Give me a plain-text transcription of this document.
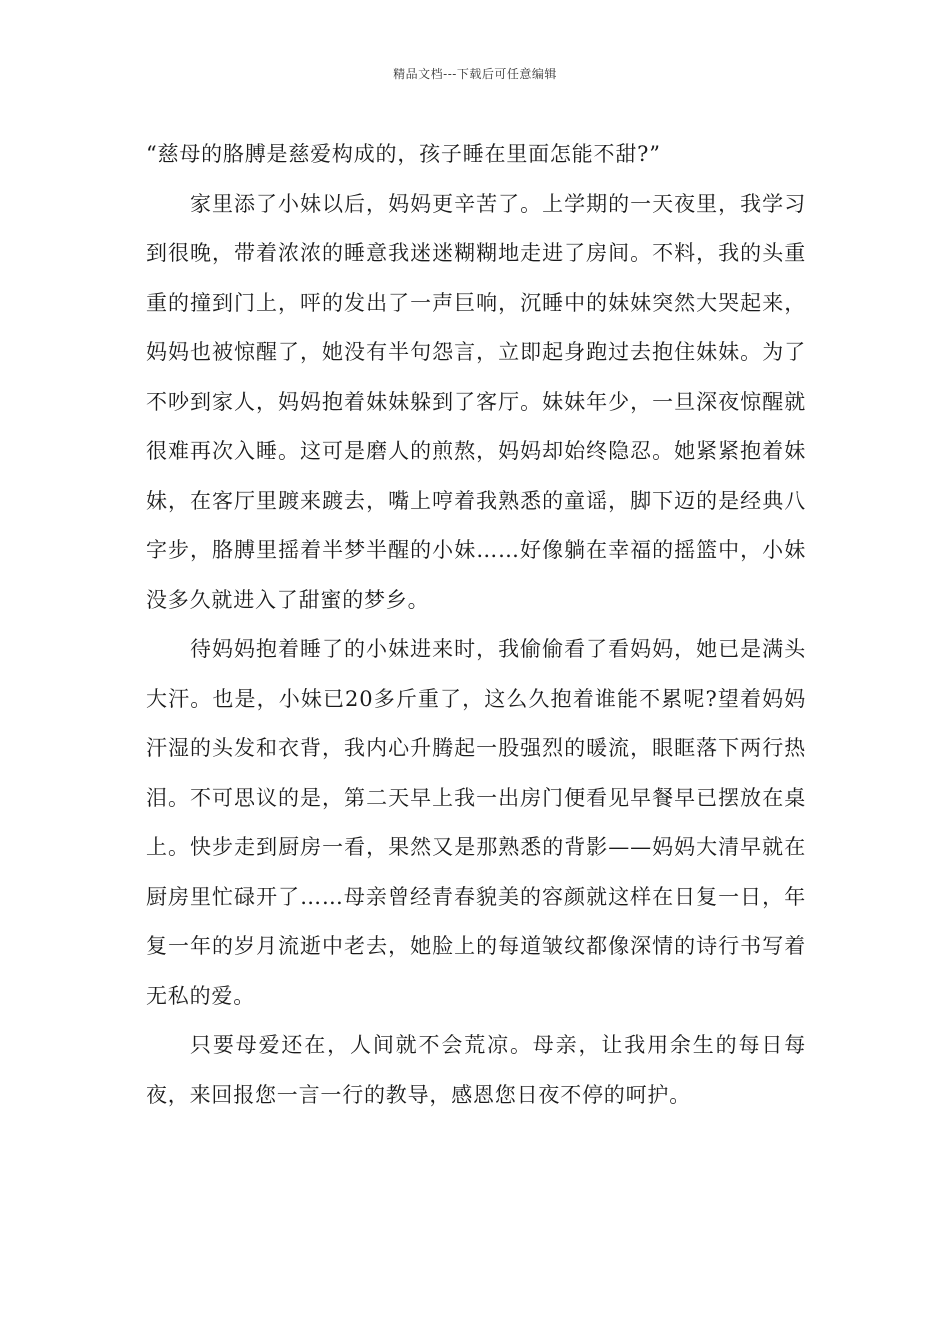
精品文档---下载后可任意编辑

“慈母的胳膊是慈爱构成的，孩子睡在里面怎能不甜?”

家里添了小妹以后，妈妈更辛苦了。上学期的一天夜里，我学习到很晚，带着浓浓的睡意我迷迷糊糊地走进了房间。不料，我的头重重的撞到门上，呯的发出了一声巨响，沉睡中的妹妹突然大哭起来，妈妈也被惊醒了，她没有半句怨言，立即起身跑过去抱住妹妹。为了不吵到家人，妈妈抱着妹妹躲到了客厅。妹妹年少，一旦深夜惊醒就很难再次入睡。这可是磨人的煎熬，妈妈却始终隐忍。她紧紧抱着妹妹，在客厅里踱来踱去，嘴上哼着我熟悉的童谣，脚下迈的是经典八字步，胳膊里摇着半梦半醒的小妹……好像躺在幸福的摇篮中，小妹没多久就进入了甜蜜的梦乡。

待妈妈抱着睡了的小妹进来时，我偷偷看了看妈妈，她已是满头大汗。也是，小妹已20多斤重了，这么久抱着谁能不累呢?望着妈妈汗湿的头发和衣背，我内心升腾起一股强烈的暖流，眼眶落下两行热泪。不可思议的是，第二天早上我一出房门便看见早餐早已摆放在桌上。快步走到厨房一看，果然又是那熟悉的背影——妈妈大清早就在厨房里忙碌开了……母亲曾经青春貌美的容颜就这样在日复一日，年复一年的岁月流逝中老去，她脸上的每道皱纹都像深情的诗行书写着无私的爱。

只要母爱还在，人间就不会荒凉。母亲，让我用余生的每日每夜，来回报您一言一行的教导，感恩您日夜不停的呵护。
